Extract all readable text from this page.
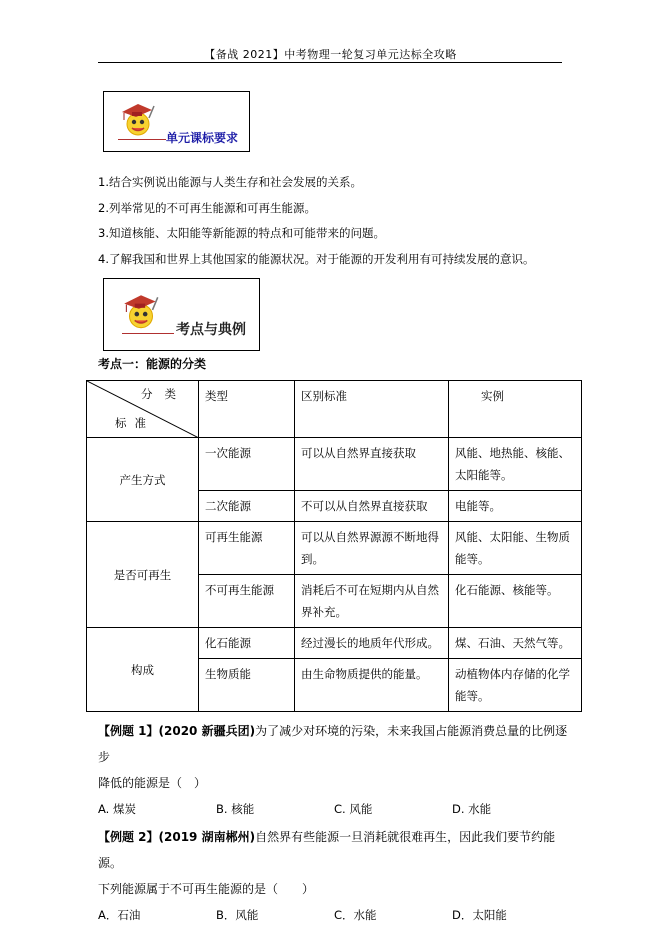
【备战 2021】中考物理一轮复习单元达标全攻略
单元课标要求
1.结合实例说出能源与人类生存和社会发展的关系。
2.列举常见的不可再生能源和可再生能源。
3.知道核能、太阳能等新能源的特点和可能带来的问题。
4.了解我国和世界上其他国家的能源状况。对于能源的开发利用有可持续发展的意识。
考点与典例
考点一：能源的分类
分类
标准	类型	区别标准	实例
产生方式	一次能源	可以从自然界直接获取	风能、地热能、核能、太阳能等。
	二次能源	不可以从自然界直接获取	电能等。
是否可再生	可再生能源	可以从自然界源源不断地得到。	风能、太阳能、生物质能等。
	不可再生能源	消耗后不可在短期内从自然界补充。	化石能源、核能等。
构成	化石能源	经过漫长的地质年代形成。	煤、石油、天然气等。
	生物质能	由生命物质提供的能量。	动植物体内存储的化学能等。
【例题 1】(2020 新疆兵团)为了减少对环境的污染，未来我国占能源消费总量的比例逐步
降低的能源是（　）
A. 煤炭	B. 核能	C. 风能	D. 水能
【例题 2】(2019 湖南郴州)自然界有些能源一旦消耗就很难再生，因此我们要节约能源。
下列能源属于不可再生能源的是（　　）
A．石油	B．风能	C．水能	D．太阳能
